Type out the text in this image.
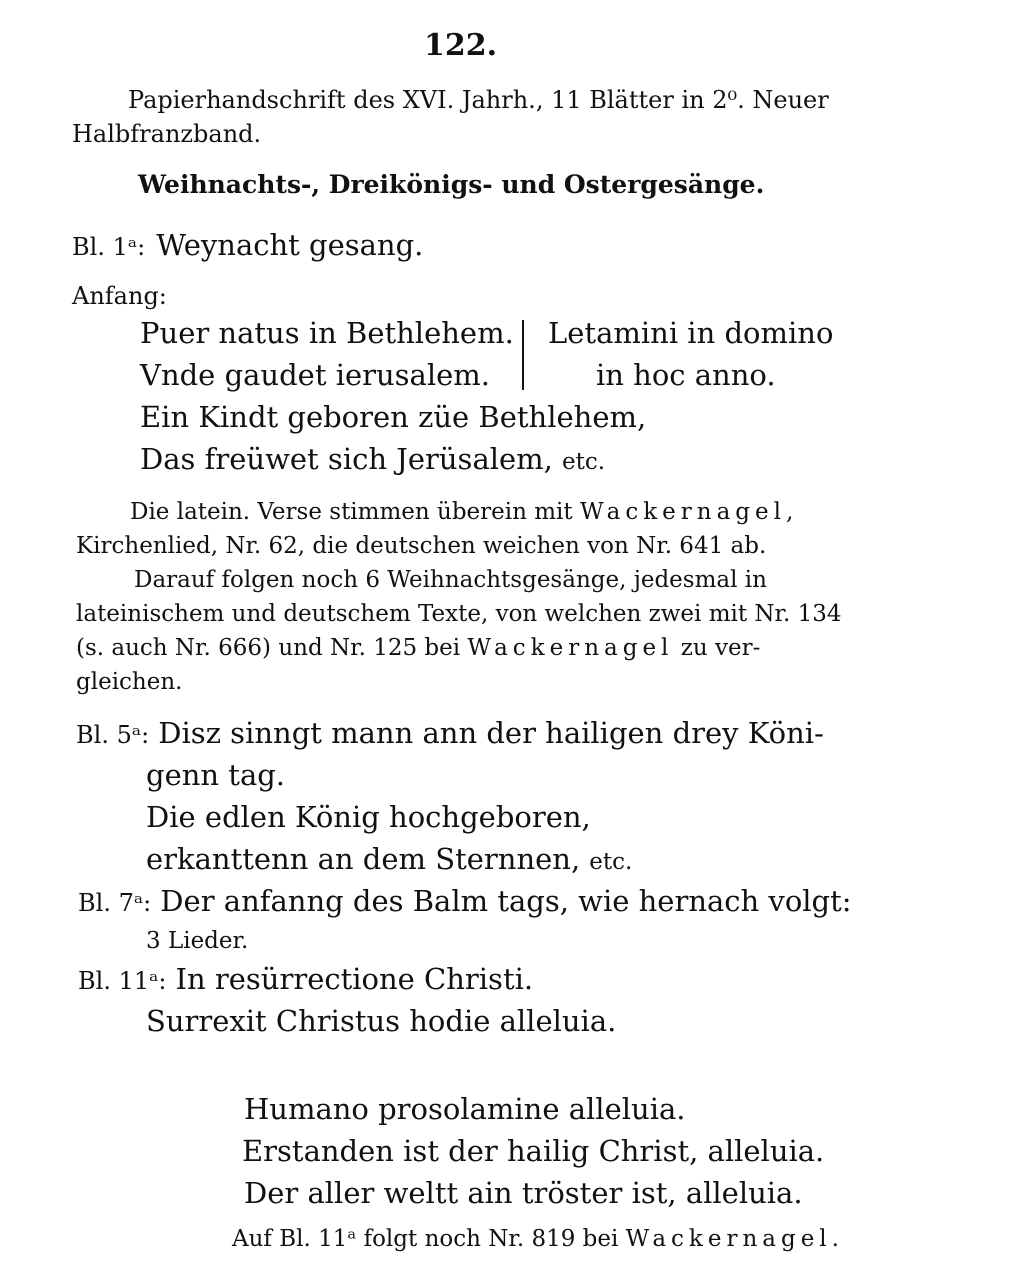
122.
Papierhandschrift des XVI. Jahrh., 11 Blätter in 2⁰. Neuer
Halbfranzband.
Weihnachts-, Dreikönigs- und Ostergesänge.
Bl. 1ᵃ: Weynacht gesang.
Anfang:
Puer natus in Bethlehem.
Vnde gaudet ierusalem.
Letamini in domino
in hoc anno.
Ein Kindt geboren züe Bethlehem,
Das freüwet sich Jerüsalem, etc.
Die latein. Verse stimmen überein mit Wackernagel,
Kirchenlied, Nr. 62, die deutschen weichen von Nr. 641 ab.
Darauf folgen noch 6 Weihnachtsgesänge, jedesmal in
lateinischem und deutschem Texte, von welchen zwei mit Nr. 134
(s. auch Nr. 666) und Nr. 125 bei Wackernagel zu ver-
gleichen.
Bl. 5ᵃ: Disz sinngt mann ann der hailigen drey Köni-
genn tag.
Die edlen König hochgeboren,
erkanttenn an dem Sternnen, etc.
Bl. 7ᵃ: Der anfanng des Balm tags, wie hernach volgt:
3 Lieder.
Bl. 11ᵃ: In resürrectione Christi.
Surrexit Christus hodie alleluia.
Humano prosolamine alleluia.
Erstanden ist der hailig Christ, alleluia.
Der aller weltt ain tröster ist, alleluia.
Auf Bl. 11ᵃ folgt noch Nr. 819 bei Wackernagel.
